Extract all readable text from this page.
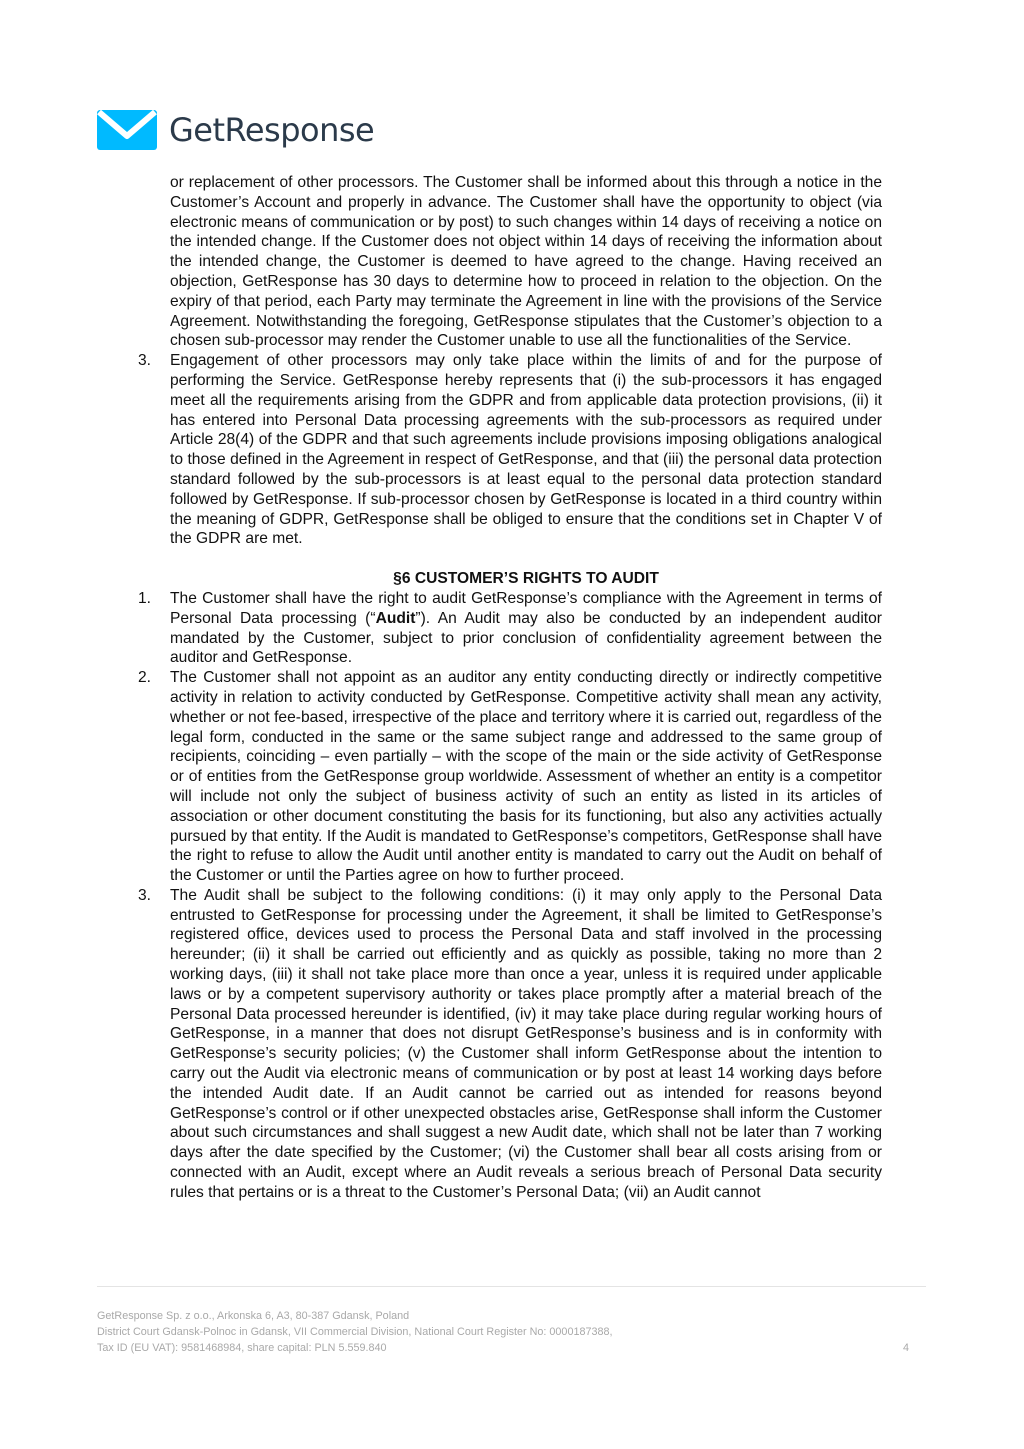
GetResponse

or replacement of other processors. The Customer shall be informed about this through a notice in the Customer’s Account and properly in advance. The Customer shall have the opportunity to object (via electronic means of communication or by post) to such changes within 14 days of receiving a notice on the intended change. If the Customer does not object within 14 days of receiving the information about the intended change, the Customer is deemed to have agreed to the change. Having received an objection, GetResponse has 30 days to determine how to proceed in relation to the objection. On the expiry of that period, each Party may terminate the Agreement in line with the provisions of the Service Agreement. Notwithstanding the foregoing, GetResponse stipulates that the Customer’s objection to a chosen sub-processor may render the Customer unable to use all the functionalities of the Service.

3.	Engagement of other processors may only take place within the limits of and for the purpose of performing the Service. GetResponse hereby represents that (i) the sub-processors it has engaged meet all the requirements arising from the GDPR and from applicable data protection provisions, (ii) it has entered into Personal Data processing agreements with the sub-processors as required under Article 28(4) of the GDPR and that such agreements include provisions imposing obligations analogical to those defined in the Agreement in respect of GetResponse, and that (iii) the personal data protection standard followed by the sub-processors is at least equal to the personal data protection standard followed by GetResponse. If sub-processor chosen by GetResponse is located in a third country within the meaning of GDPR, GetResponse shall be obliged to ensure that the conditions set in Chapter V of the GDPR are met.
§6 CUSTOMER’S RIGHTS TO AUDIT
1.	The Customer shall have the right to audit GetResponse’s compliance with the Agreement in terms of Personal Data processing (“Audit”). An Audit may also be conducted by an independent auditor mandated by the Customer, subject to prior conclusion of confidentiality agreement between the auditor and GetResponse.
2.	The Customer shall not appoint as an auditor any entity conducting directly or indirectly competitive activity in relation to activity conducted by GetResponse. Competitive activity shall mean any activity, whether or not fee-based, irrespective of the place and territory where it is carried out, regardless of the legal form, conducted in the same or the same subject range and addressed to the same group of recipients, coinciding – even partially – with the scope of the main or the side activity of GetResponse or of entities from the GetResponse group worldwide. Assessment of whether an entity is a competitor will include not only the subject of business activity of such an entity as listed in its articles of association or other document constituting the basis for its functioning, but also any activities actually pursued by that entity. If the Audit is mandated to GetResponse’s competitors, GetResponse shall have the right to refuse to allow the Audit until another entity is mandated to carry out the Audit on behalf of the Customer or until the Parties agree on how to further proceed.
3.	The Audit shall be subject to the following conditions: (i) it may only apply to the Personal Data entrusted to GetResponse for processing under the Agreement, it shall be limited to GetResponse’s registered office, devices used to process the Personal Data and staff involved in the processing hereunder; (ii) it shall be carried out efficiently and as quickly as possible, taking no more than 2 working days, (iii) it shall not take place more than once a year, unless it is required under applicable laws or by a competent supervisory authority or takes place promptly after a material breach of the Personal Data processed hereunder is identified, (iv) it may take place during regular working hours of GetResponse, in a manner that does not disrupt GetResponse’s business and is in conformity with GetResponse’s security policies; (v) the Customer shall inform GetResponse about the intention to carry out the Audit via electronic means of communication or by post at least 14 working days before the intended Audit date. If an Audit cannot be carried out as intended for reasons beyond GetResponse’s control or if other unexpected obstacles arise, GetResponse shall inform the Customer about such circumstances and shall suggest a new Audit date, which shall not be later than 7 working days after the date specified by the Customer; (vi) the Customer shall bear all costs arising from or connected with an Audit, except where an Audit reveals a serious breach of Personal Data security rules that pertains or is a threat to the Customer’s Personal Data; (vii) an Audit cannot
GetResponse Sp. z o.o., Arkonska 6, A3, 80-387 Gdansk, Poland
District Court Gdansk-Polnoc in Gdansk, VII Commercial Division, National Court Register No: 0000187388,
Tax ID (EU VAT): 9581468984, share capital: PLN 5.559.840	4
